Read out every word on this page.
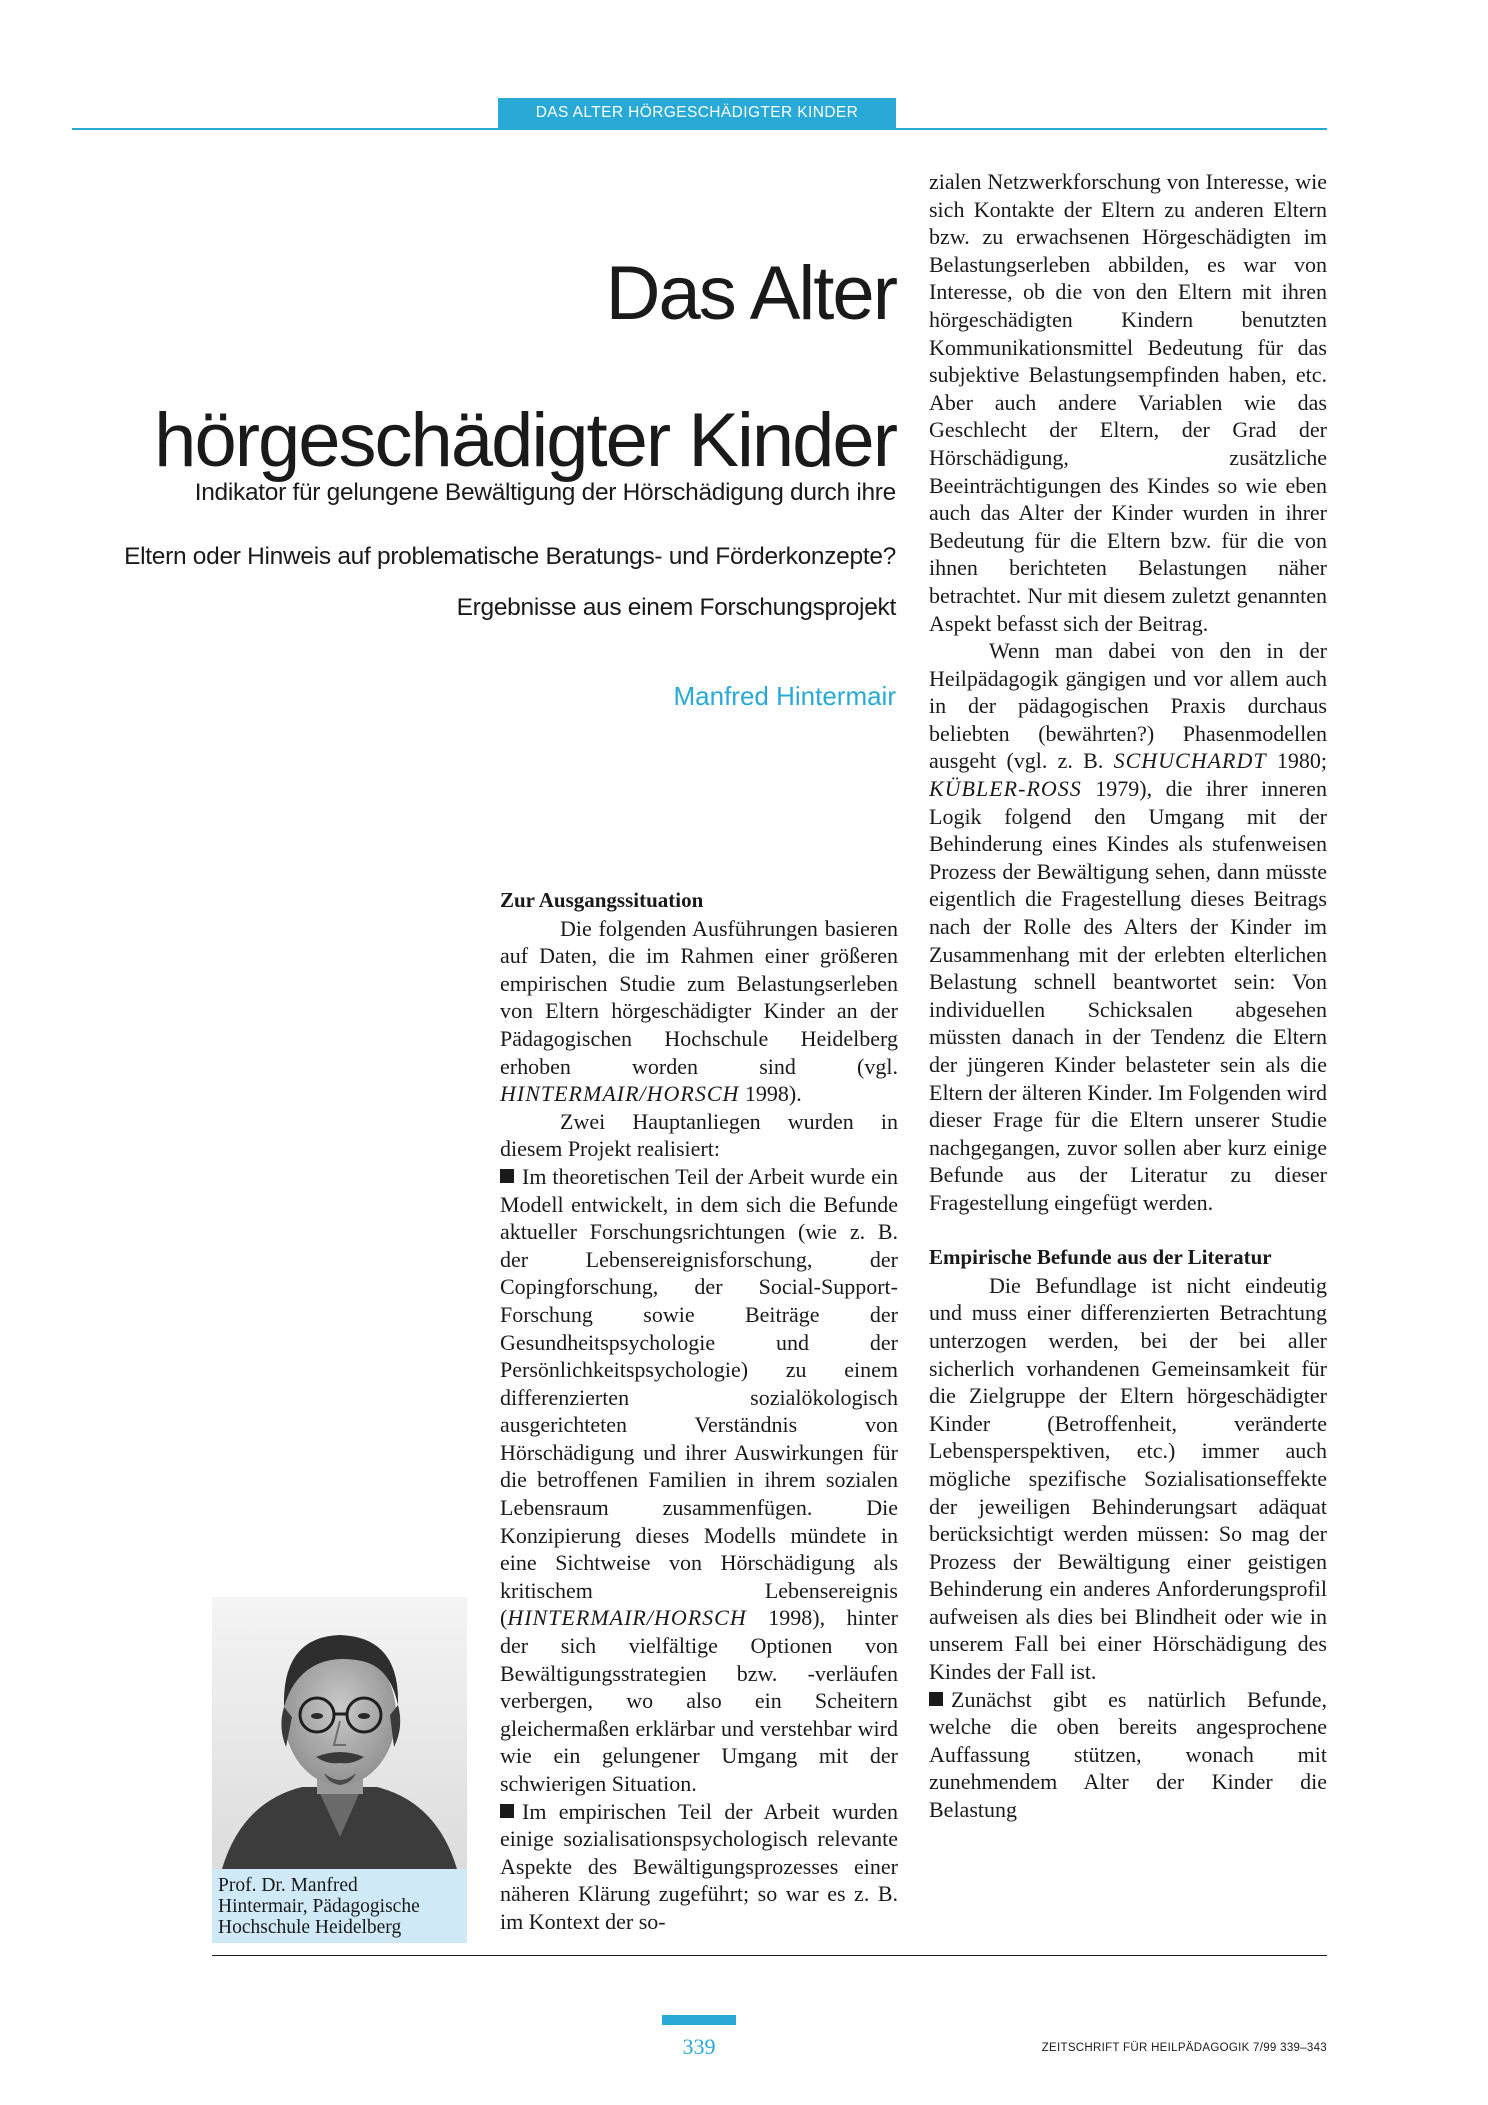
DAS ALTER HÖRGESCHÄDIGTER KINDER
Das Alter
hörgeschädigter Kinder
Indikator für gelungene Bewältigung der Hörschädigung durch ihre
Eltern oder Hinweis auf problematische Beratungs- und Förderkonzepte?
Ergebnisse aus einem Forschungsprojekt
Manfred Hintermair
Zur Ausgangssituation

Die folgenden Ausführungen basieren auf Daten, die im Rahmen einer größeren empirischen Studie zum Belastungserleben von Eltern hörgeschädigter Kinder an der Pädagogischen Hochschule Heidelberg erhoben worden sind (vgl. HINTERMAIR/HORSCH 1998).

Zwei Hauptanliegen wurden in diesem Projekt realisiert:

Im theoretischen Teil der Arbeit wurde ein Modell entwickelt, in dem sich die Befunde aktueller Forschungsrichtungen (wie z. B. der Lebensereignisforschung, der Copingforschung, der Social-Support-Forschung sowie Beiträge der Gesundheitspsychologie und der Persönlichkeitspsychologie) zu einem differenzierten sozialökologisch ausgerichteten Verständnis von Hörschädigung und ihrer Auswirkungen für die betroffenen Familien in ihrem sozialen Lebensraum zusammenfügen. Die Konzipierung dieses Modells mündete in eine Sichtweise von Hörschädigung als kritischem Lebensereignis (HINTERMAIR/HORSCH 1998), hinter der sich vielfältige Optionen von Bewältigungsstrategien bzw. -verläufen verbergen, wo also ein Scheitern gleichermaßen erklärbar und verstehbar wird wie ein gelungener Umgang mit der schwierigen Situation.

Im empirischen Teil der Arbeit wurden einige sozialisationspsychologisch relevante Aspekte des Bewältigungsprozesses einer näheren Klärung zugeführt; so war es z. B. im Kontext der so-

zialen Netzwerkforschung von Interesse, wie sich Kontakte der Eltern zu anderen Eltern bzw. zu erwachsenen Hörgeschädigten im Belastungserleben abbilden, es war von Interesse, ob die von den Eltern mit ihren hörgeschädigten Kindern benutzten Kommunikationsmittel Bedeutung für das subjektive Belastungsempfinden haben, etc. Aber auch andere Variablen wie das Geschlecht der Eltern, der Grad der Hörschädigung, zusätzliche Beeinträchtigungen des Kindes so wie eben auch das Alter der Kinder wurden in ihrer Bedeutung für die Eltern bzw. für die von ihnen berichteten Belastungen näher betrachtet. Nur mit diesem zuletzt genannten Aspekt befasst sich der Beitrag.

Wenn man dabei von den in der Heilpädagogik gängigen und vor allem auch in der pädagogischen Praxis durchaus beliebten (bewährten?) Phasenmodellen ausgeht (vgl. z. B. SCHUCHARDT 1980; KÜBLER-ROSS 1979), die ihrer inneren Logik folgend den Umgang mit der Behinderung eines Kindes als stufenweisen Prozess der Bewältigung sehen, dann müsste eigentlich die Fragestellung dieses Beitrags nach der Rolle des Alters der Kinder im Zusammenhang mit der erlebten elterlichen Belastung schnell beantwortet sein: Von individuellen Schicksalen abgesehen müssten danach in der Tendenz die Eltern der jüngeren Kinder belasteter sein als die Eltern der älteren Kinder. Im Folgenden wird dieser Frage für die Eltern unserer Studie nachgegangen, zuvor sollen aber kurz einige Befunde aus der Literatur zu dieser Fragestellung eingefügt werden.

Empirische Befunde aus der Literatur

Die Befundlage ist nicht eindeutig und muss einer differenzierten Betrachtung unterzogen werden, bei der bei aller sicherlich vorhandenen Gemeinsamkeit für die Zielgruppe der Eltern hörgeschädigter Kinder (Betroffenheit, veränderte Lebensperspektiven, etc.) immer auch mögliche spezifische Sozialisationseffekte der jeweiligen Behinderungsart adäquat berücksichtigt werden müssen: So mag der Prozess der Bewältigung einer geistigen Behinderung ein anderes Anforderungsprofil aufweisen als dies bei Blindheit oder wie in unserem Fall bei einer Hörschädigung des Kindes der Fall ist.

Zunächst gibt es natürlich Befunde, welche die oben bereits angesprochene Auffassung stützen, wonach mit zunehmendem Alter der Kinder die Belastung

Prof. Dr. Manfred
Hintermair, Pädagogische
Hochschule Heidelberg
339	ZEITSCHRIFT FÜR HEILPÄDAGOGIK 7/99 339–343
